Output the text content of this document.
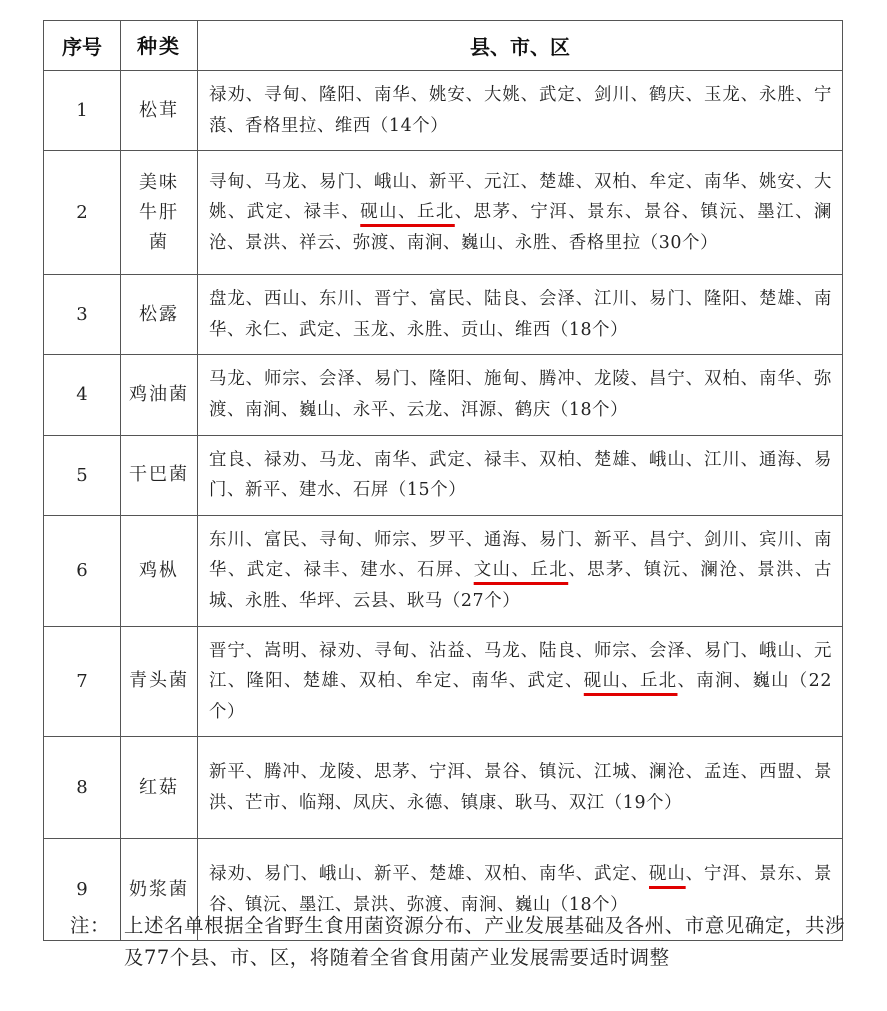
序号	种类	县、市、区
1	松茸	禄劝、寻甸、隆阳、南华、姚安、大姚、武定、剑川、鹤庆、玉龙、永胜、宁蒗、香格里拉、维西（14个）
2	美味牛肝菌	寻甸、马龙、易门、峨山、新平、元江、楚雄、双柏、牟定、南华、姚安、大姚、武定、禄丰、砚山、丘北、思茅、宁洱、景东、景谷、镇沅、墨江、澜沧、景洪、祥云、弥渡、南涧、巍山、永胜、香格里拉（30个）
3	松露	盘龙、西山、东川、晋宁、富民、陆良、会泽、江川、易门、隆阳、楚雄、南华、永仁、武定、玉龙、永胜、贡山、维西（18个）
4	鸡油菌	马龙、师宗、会泽、易门、隆阳、施甸、腾冲、龙陵、昌宁、双柏、南华、弥渡、南涧、巍山、永平、云龙、洱源、鹤庆（18个）
5	干巴菌	宜良、禄劝、马龙、南华、武定、禄丰、双柏、楚雄、峨山、江川、通海、易门、新平、建水、石屏（15个）
6	鸡枞	东川、富民、寻甸、师宗、罗平、通海、易门、新平、昌宁、剑川、宾川、南华、武定、禄丰、建水、石屏、文山、丘北、思茅、镇沅、澜沧、景洪、古城、永胜、华坪、云县、耿马（27个）
7	青头菌	晋宁、嵩明、禄劝、寻甸、沾益、马龙、陆良、师宗、会泽、易门、峨山、元江、隆阳、楚雄、双柏、牟定、南华、武定、砚山、丘北、南涧、巍山（22个）
8	红菇	新平、腾冲、龙陵、思茅、宁洱、景谷、镇沅、江城、澜沧、孟连、西盟、景洪、芒市、临翔、凤庆、永德、镇康、耿马、双江（19个）
9	奶浆菌	禄劝、易门、峨山、新平、楚雄、双柏、南华、武定、砚山、宁洱、景东、景谷、镇沅、墨江、景洪、弥渡、南涧、巍山（18个）
注： 上述名单根据全省野生食用菌资源分布、产业发展基础及各州、市意见确定，共涉及77个县、市、区，将随着全省食用菌产业发展需要适时调整
